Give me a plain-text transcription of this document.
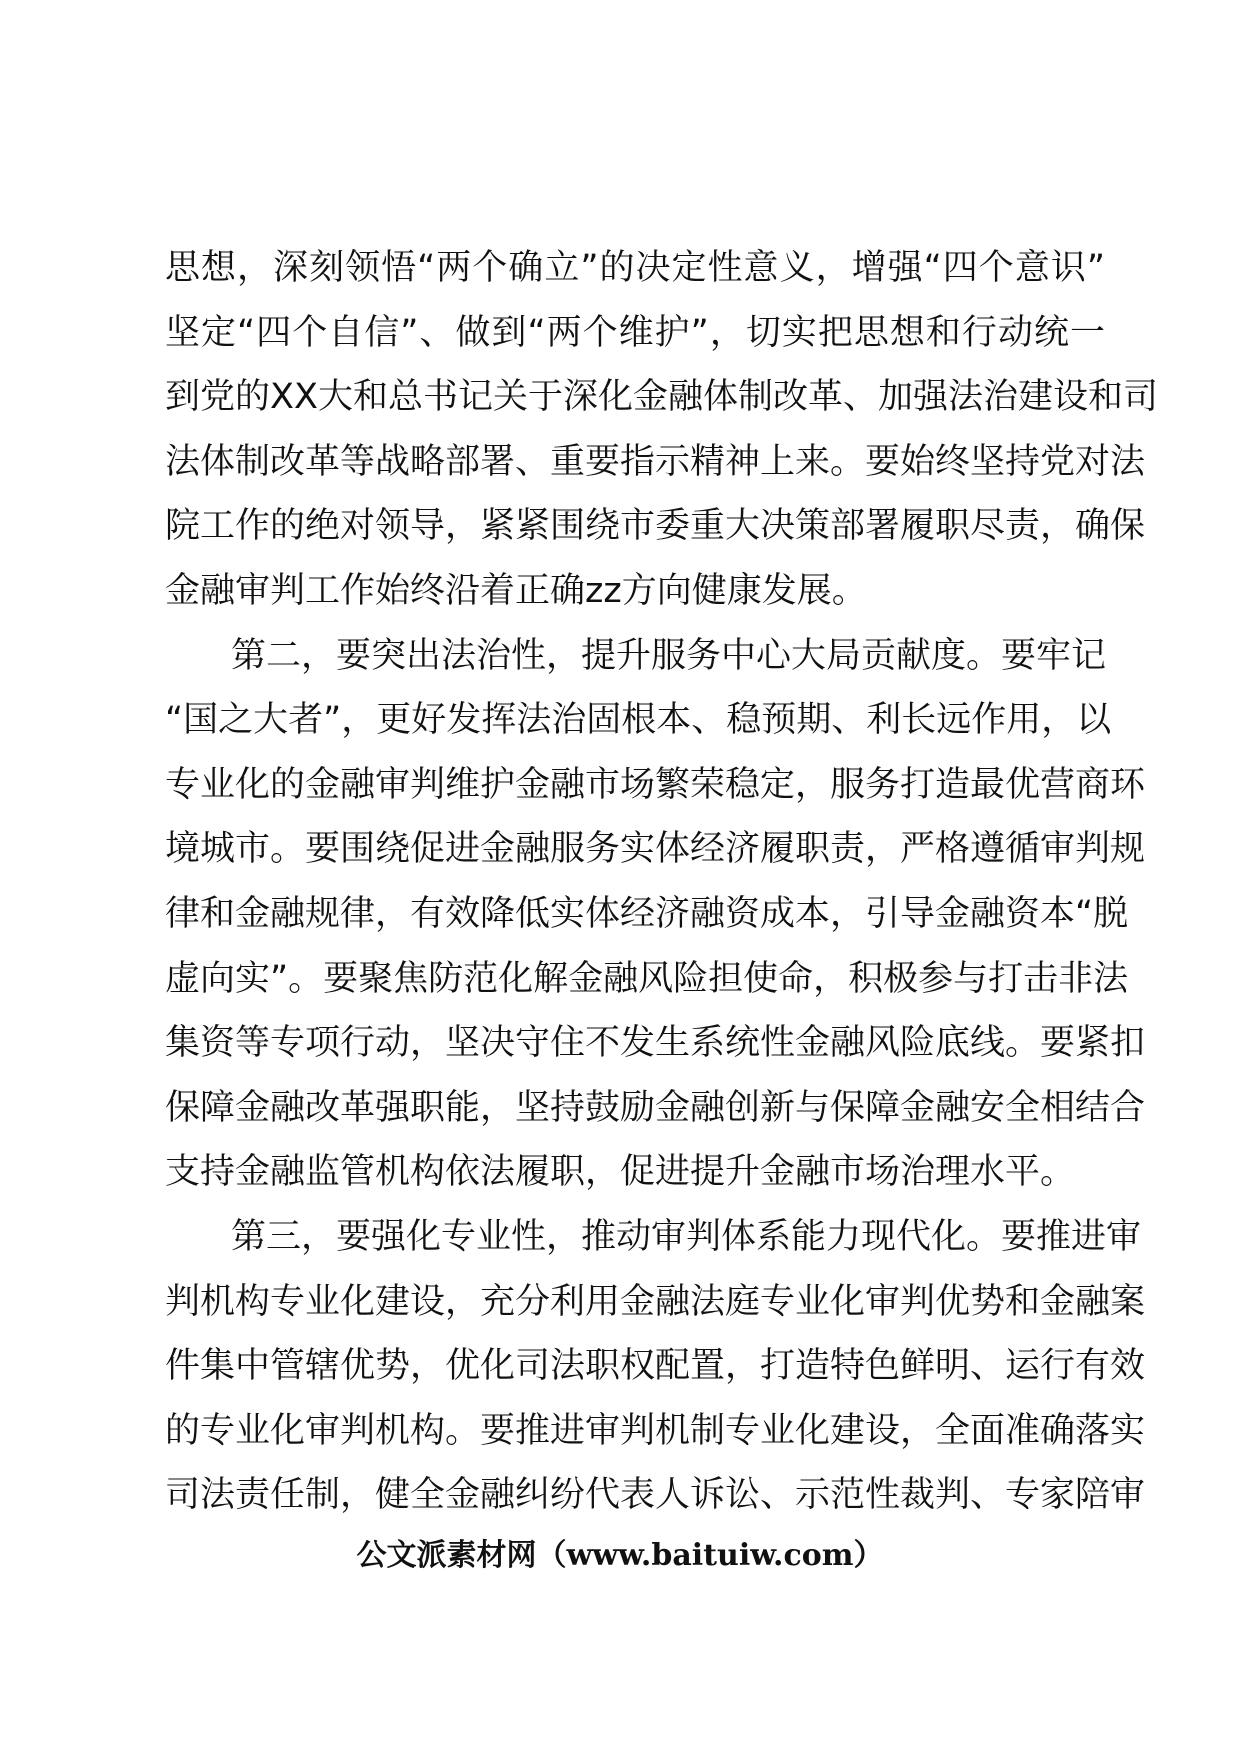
思想，深刻领悟“两个确立”的决定性意义，增强“四个意识”
坚定“四个自信”、做到“两个维护”，切实把思想和行动统一
到党的XX大和总书记关于深化金融体制改革、加强法治建设和司
法体制改革等战略部署、重要指示精神上来。要始终坚持党对法
院工作的绝对领导，紧紧围绕市委重大决策部署履职尽责，确保
金融审判工作始终沿着正确zz方向健康发展。
第二，要突出法治性，提升服务中心大局贡献度。要牢记
“国之大者”，更好发挥法治固根本、稳预期、利长远作用，以
专业化的金融审判维护金融市场繁荣稳定，服务打造最优营商环
境城市。要围绕促进金融服务实体经济履职责，严格遵循审判规
律和金融规律，有效降低实体经济融资成本，引导金融资本“脱
虚向实”。要聚焦防范化解金融风险担使命，积极参与打击非法
集资等专项行动，坚决守住不发生系统性金融风险底线。要紧扣
保障金融改革强职能，坚持鼓励金融创新与保障金融安全相结合
支持金融监管机构依法履职，促进提升金融市场治理水平。
第三，要强化专业性，推动审判体系能力现代化。要推进审
判机构专业化建设，充分利用金融法庭专业化审判优势和金融案
件集中管辖优势，优化司法职权配置，打造特色鲜明、运行有效
的专业化审判机构。要推进审判机制专业化建设，全面准确落实
司法责任制，健全金融纠纷代表人诉讼、示范性裁判、专家陪审
公文派素材网（www.baituiw.com）
